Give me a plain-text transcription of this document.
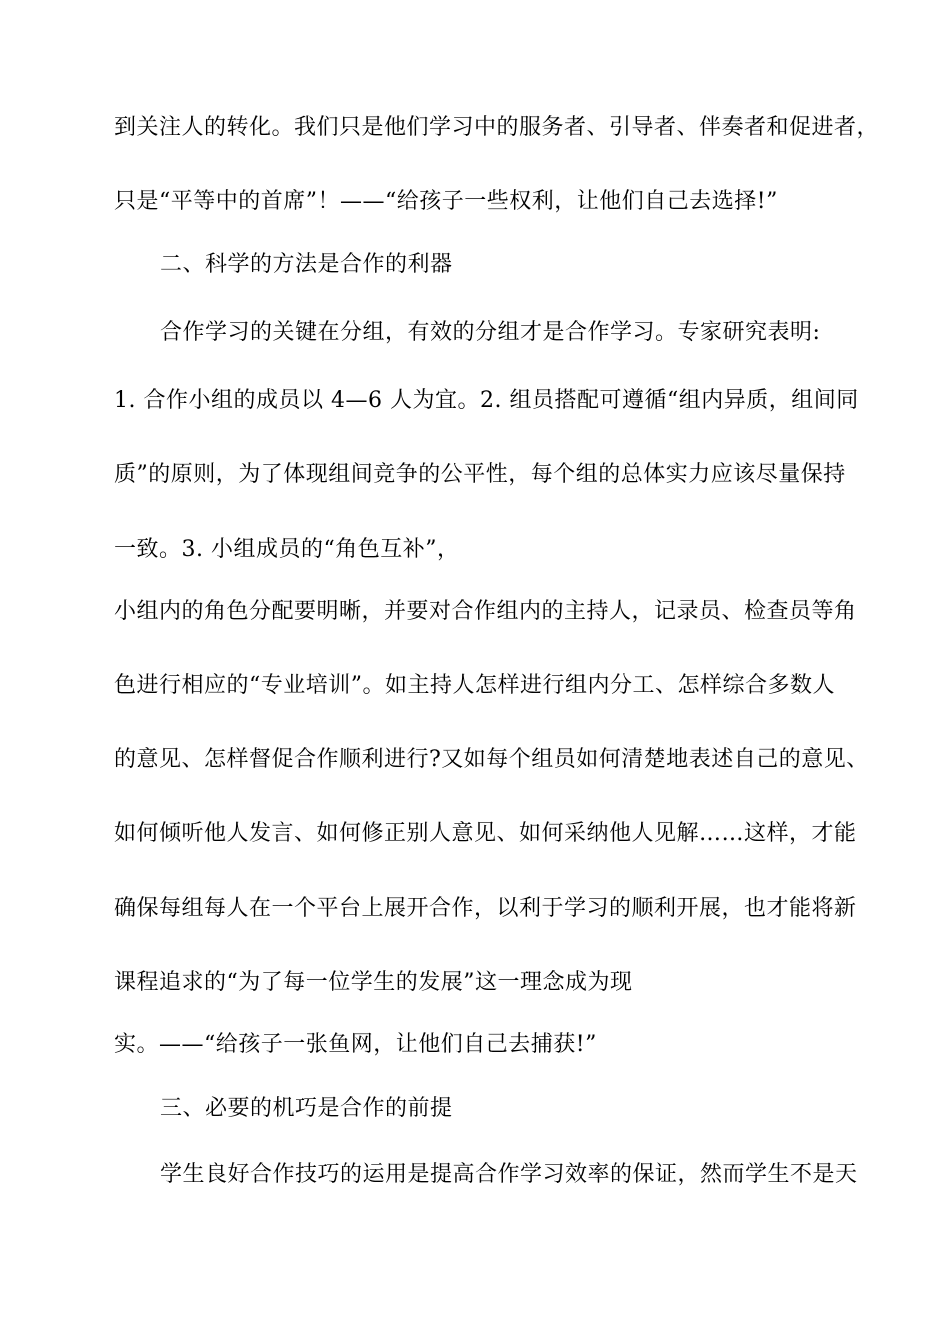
到关注人的转化。我们只是他们学习中的服务者、引导者、伴奏者和促进者，
只是“平等中的首席”！——“给孩子一些权利，让他们自己去选择!”
二、科学的方法是合作的利器
合作学习的关键在分组，有效的分组才是合作学习。专家研究表明:
1. 合作小组的成员以 4—6 人为宜。2. 组员搭配可遵循“组内异质，组间同
质”的原则，为了体现组间竞争的公平性，每个组的总体实力应该尽量保持
一致。3. 小组成员的“角色互补”，
小组内的角色分配要明晰，并要对合作组内的主持人，记录员、检查员等角
色进行相应的“专业培训”。如主持人怎样进行组内分工、怎样综合多数人
的意见、怎样督促合作顺利进行?又如每个组员如何清楚地表述自己的意见、
如何倾听他人发言、如何修正别人意见、如何采纳他人见解……这样，才能
确保每组每人在一个平台上展开合作，以利于学习的顺利开展，也才能将新
课程追求的“为了每一位学生的发展”这一理念成为现
实。——“给孩子一张鱼网，让他们自己去捕获!”
三、必要的机巧是合作的前提
学生良好合作技巧的运用是提高合作学习效率的保证，然而学生不是天
